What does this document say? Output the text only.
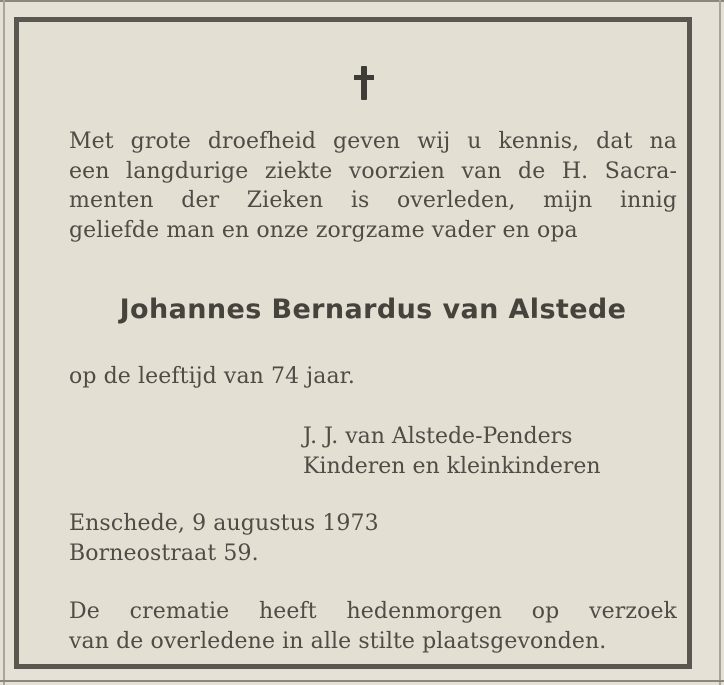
Met grote droefheid geven wij u kennis, dat na
een langdurige ziekte voorzien van de H. Sacra-
menten der Zieken is overleden, mijn innig
geliefde man en onze zorgzame vader en opa
Johannes Bernardus van Alstede
op de leeftijd van 74 jaar.
J. J. van Alstede-Penders
Kinderen en kleinkinderen
Enschede, 9 augustus 1973
Borneostraat 59.
De crematie heeft hedenmorgen op verzoek
van de overledene in alle stilte plaatsgevonden.
